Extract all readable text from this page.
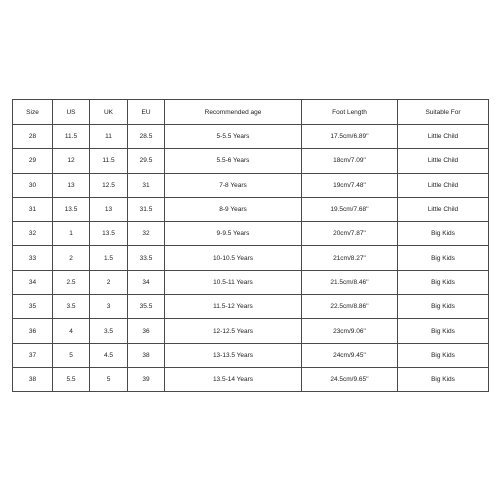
Size	US	UK	EU	Recommended age	Foot Length	Suitable For
28	11.5	11	28.5	5-5.5 Years	17.5cm/6.89''	Little Child
29	12	11.5	29.5	5.5-6 Years	18cm/7.09''	Little Child
30	13	12.5	31	7-8 Years	19cm/7.48''	Little Child
31	13.5	13	31.5	8-9 Years	19.5cm/7.68''	Little Child
32	1	13.5	32	9-9.5 Years	20cm/7.87''	Big Kids
33	2	1.5	33.5	10-10.5 Years	21cm/8.27''	Big Kids
34	2.5	2	34	10.5-11 Years	21.5cm/8.46''	Big Kids
35	3.5	3	35.5	11.5-12 Years	22.5cm/8.86''	Big Kids
36	4	3.5	36	12-12.5 Years	23cm/9.06''	Big Kids
37	5	4.5	38	13-13.5 Years	24cm/9.45''	Big Kids
38	5.5	5	39	13.5-14 Years	24.5cm/9.65''	Big Kids
